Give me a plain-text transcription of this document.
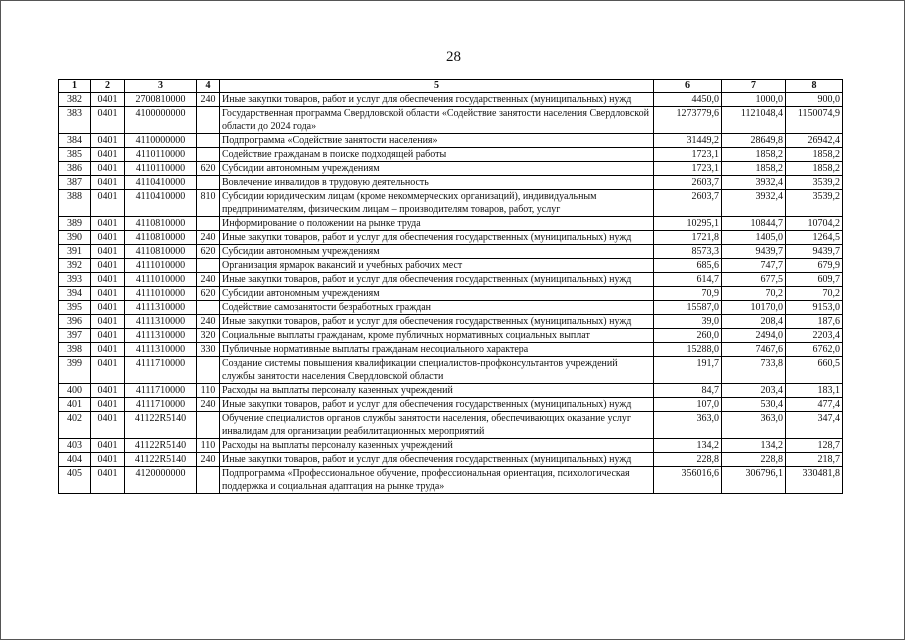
28
1	2	3	4	5	6	7	8
382	0401	2700810000	240	Иные закупки товаров, работ и услуг для обеспечения государственных (муниципальных) нужд	4450,0	1000,0	900,0
383	0401	4100000000		Государственная программа Свердловской области «Содействие занятости населения Свердловской области до 2024 года»	1273779,6	1121048,4	1150074,9
384	0401	4110000000		Подпрограмма «Содействие занятости населения»	31449,2	28649,8	26942,4
385	0401	4110110000		Содействие гражданам в поиске подходящей работы	1723,1	1858,2	1858,2
386	0401	4110110000	620	Субсидии автономным учреждениям	1723,1	1858,2	1858,2
387	0401	4110410000		Вовлечение инвалидов в трудовую деятельность	2603,7	3932,4	3539,2
388	0401	4110410000	810	Субсидии юридическим лицам (кроме некоммерческих организаций), индивидуальным предпринимателям, физическим лицам – производителям товаров, работ, услуг	2603,7	3932,4	3539,2
389	0401	4110810000		Информирование о положении на рынке труда	10295,1	10844,7	10704,2
390	0401	4110810000	240	Иные закупки товаров, работ и услуг для обеспечения государственных (муниципальных) нужд	1721,8	1405,0	1264,5
391	0401	4110810000	620	Субсидии автономным учреждениям	8573,3	9439,7	9439,7
392	0401	4111010000		Организация ярмарок вакансий и учебных рабочих мест	685,6	747,7	679,9
393	0401	4111010000	240	Иные закупки товаров, работ и услуг для обеспечения государственных (муниципальных) нужд	614,7	677,5	609,7
394	0401	4111010000	620	Субсидии автономным учреждениям	70,9	70,2	70,2
395	0401	4111310000		Содействие самозанятости безработных граждан	15587,0	10170,0	9153,0
396	0401	4111310000	240	Иные закупки товаров, работ и услуг для обеспечения государственных (муниципальных) нужд	39,0	208,4	187,6
397	0401	4111310000	320	Социальные выплаты гражданам, кроме публичных нормативных социальных выплат	260,0	2494,0	2203,4
398	0401	4111310000	330	Публичные нормативные выплаты гражданам несоциального характера	15288,0	7467,6	6762,0
399	0401	4111710000		Создание системы повышения квалификации специалистов-профконсультантов учреждений службы занятости населения Свердловской области	191,7	733,8	660,5
400	0401	4111710000	110	Расходы на выплаты персоналу казенных учреждений	84,7	203,4	183,1
401	0401	4111710000	240	Иные закупки товаров, работ и услуг для обеспечения государственных (муниципальных) нужд	107,0	530,4	477,4
402	0401	41122R5140		Обучение специалистов органов службы занятости населения, обеспечивающих оказание услуг инвалидам для организации реабилитационных мероприятий	363,0	363,0	347,4
403	0401	41122R5140	110	Расходы на выплаты персоналу казенных учреждений	134,2	134,2	128,7
404	0401	41122R5140	240	Иные закупки товаров, работ и услуг для обеспечения государственных (муниципальных) нужд	228,8	228,8	218,7
405	0401	4120000000		Подпрограмма «Профессиональное обучение, профессиональная ориентация, психологическая поддержка и социальная адаптация на рынке труда»	356016,6	306796,1	330481,8
